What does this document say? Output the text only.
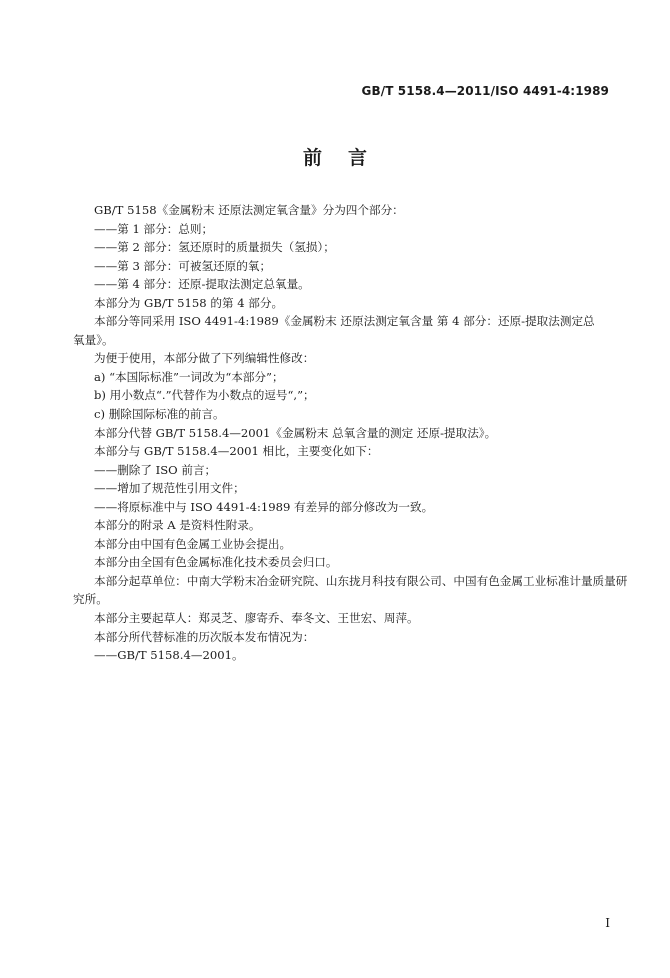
GB/T 5158.4—2011/ISO 4491-4:1989
前言
GB/T 5158《金属粉末 还原法测定氧含量》分为四个部分：
——第 1 部分：总则；
——第 2 部分：氢还原时的质量损失（氢损）；
——第 3 部分：可被氢还原的氧；
——第 4 部分：还原-提取法测定总氧量。
本部分为 GB/T 5158 的第 4 部分。
本部分等同采用 ISO 4491-4:1989《金属粉末 还原法测定氧含量 第 4 部分：还原-提取法测定总
氧量》。
为便于使用，本部分做了下列编辑性修改：
a) “本国际标准”一词改为“本部分”；
b) 用小数点“.”代替作为小数点的逗号“,”；
c) 删除国际标准的前言。
本部分代替 GB/T 5158.4—2001《金属粉末 总氧含量的测定 还原-提取法》。
本部分与 GB/T 5158.4—2001 相比，主要变化如下：
——删除了 ISO 前言；
——增加了规范性引用文件；
——将原标准中与 ISO 4491-4:1989 有差异的部分修改为一致。
本部分的附录 A 是资料性附录。
本部分由中国有色金属工业协会提出。
本部分由全国有色金属标准化技术委员会归口。
本部分起草单位：中南大学粉末冶金研究院、山东拢月科技有限公司、中国有色金属工业标准计量质量研
究所。
本部分主要起草人：郑灵芝、廖寄乔、奉冬文、王世宏、周萍。
本部分所代替标准的历次版本发布情况为：
——GB/T 5158.4—2001。
I
